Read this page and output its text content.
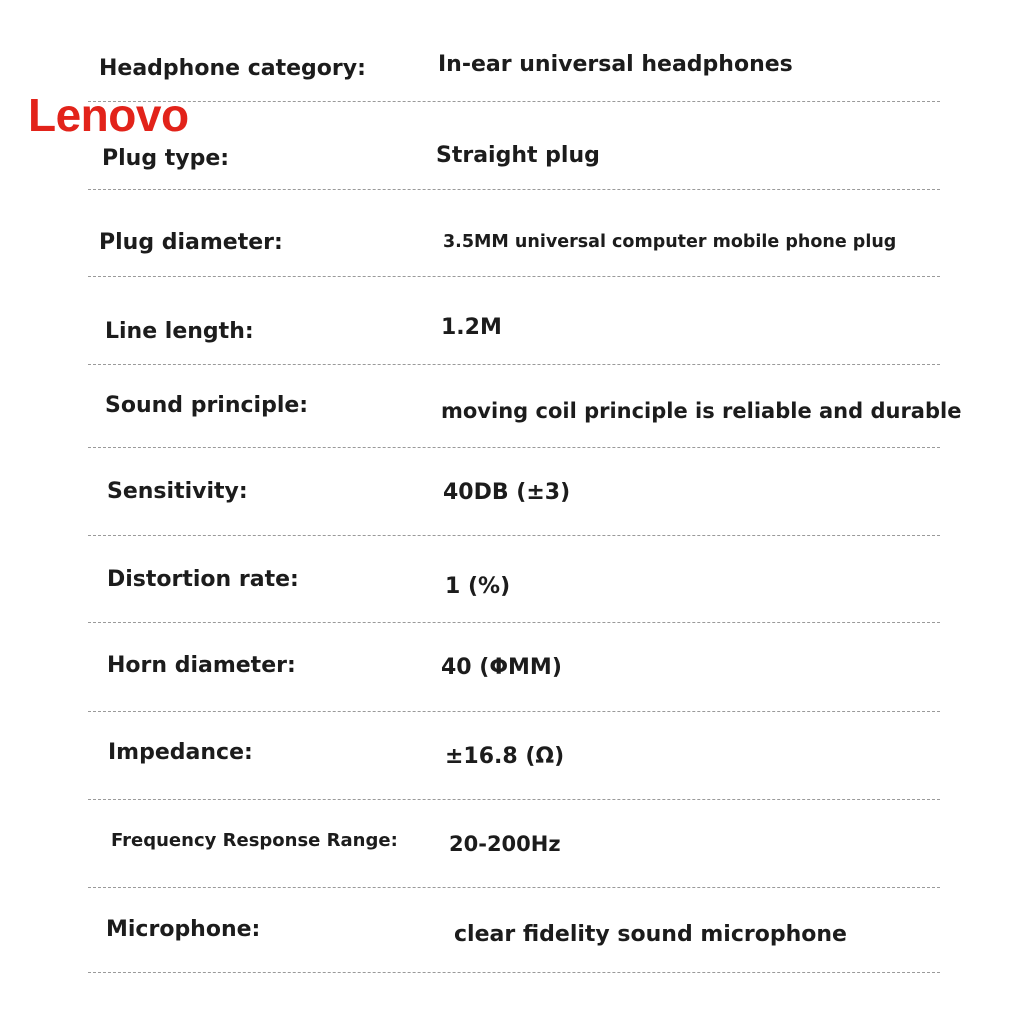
Lenovo
Headphone category:	In-ear universal headphones
Plug type:	Straight plug
Plug diameter:	3.5MM universal computer mobile phone plug
Line length:	1.2M
Sound principle:	moving coil principle is reliable and durable
Sensitivity:	40DB (±3)
Distortion rate:	1 (%)
Horn diameter:	40 (ΦMM)
Impedance:	±16.8 (Ω)
Frequency Response Range: 20-200Hz
Microphone:	clear fidelity sound microphone
